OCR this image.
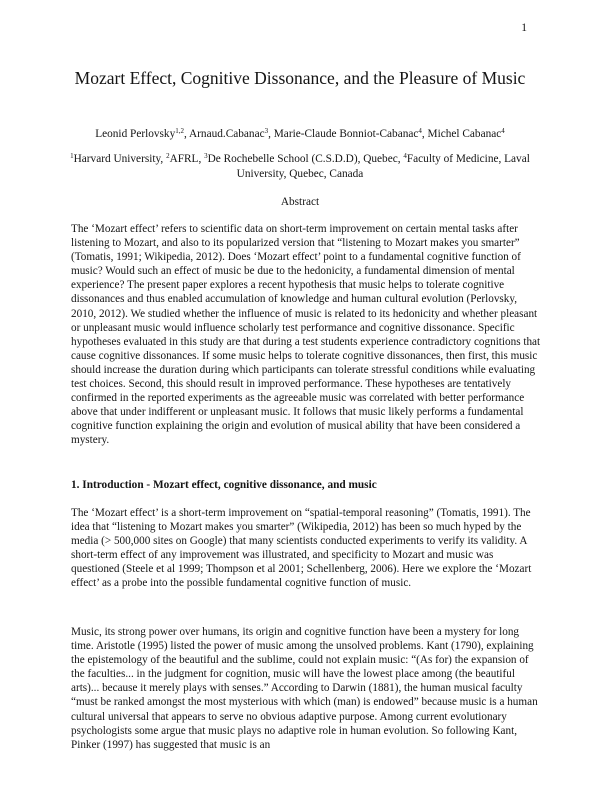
1
Mozart Effect, Cognitive Dissonance, and the Pleasure of Music
Leonid Perlovsky$^{1,2}$, Arnaud.Cabanac$^3$, Marie-Claude Bonniot-Cabanac$^4$, Michel Cabanac$^4$
$^1$Harvard University, $^2$AFRL, $^3$De Rochebelle School (C.S.D.D), Quebec, $^4$Faculty of Medicine, Laval University, Quebec, Canada
Abstract

The ‘Mozart effect’ refers to scientific data on short-term improvement on certain mental tasks after listening to Mozart, and also to its popularized version that “listening to Mozart makes you smarter” (Tomatis, 1991; Wikipedia, 2012). Does ‘Mozart effect’ point to a fundamental cognitive function of music? Would such an effect of music be due to the hedonicity, a fundamental dimension of mental experience? The present paper explores a recent hypothesis that music helps to tolerate cognitive dissonances and thus enabled accumulation of knowledge and human cultural evolution (Perlovsky, 2010, 2012). We studied whether the influence of music is related to its hedonicity and whether pleasant or unpleasant music would influence scholarly test performance and cognitive dissonance. Specific hypotheses evaluated in this study are that during a test students experience contradictory cognitions that cause cognitive dissonances. If some music helps to tolerate cognitive dissonances, then first, this music should increase the duration during which participants can tolerate stressful conditions while evaluating test choices. Second, this should result in improved performance. These hypotheses are tentatively confirmed in the reported experiments as the agreeable music was correlated with better performance above that under indifferent or unpleasant music. It follows that music likely performs a fundamental cognitive function explaining the origin and evolution of musical ability that have been considered a mystery.

1. Introduction - Mozart effect, cognitive dissonance, and music

The ‘Mozart effect’ is a short-term improvement on “spatial-temporal reasoning” (Tomatis, 1991). The idea that “listening to Mozart makes you smarter” (Wikipedia, 2012) has been so much hyped by the media (> 500,000 sites on Google) that many scientists conducted experiments to verify its validity. A short-term effect of any improvement was illustrated, and specificity to Mozart and music was questioned (Steele et al 1999; Thompson et al 2001; Schellenberg, 2006). Here we explore the ‘Mozart effect’ as a probe into the possible fundamental cognitive function of music.

Music, its strong power over humans, its origin and cognitive function have been a mystery for long time. Aristotle (1995) listed the power of music among the unsolved problems. Kant (1790), explaining the epistemology of the beautiful and the sublime, could not explain music: “(As for) the expansion of the faculties... in the judgment for cognition, music will have the lowest place among (the beautiful arts)... because it merely plays with senses.” According to Darwin (1881), the human musical faculty “must be ranked amongst the most mysterious with which (man) is endowed” because music is a human cultural universal that appears to serve no obvious adaptive purpose. Among current evolutionary psychologists some argue that music plays no adaptive role in human evolution. So following Kant, Pinker (1997) has suggested that music is an
